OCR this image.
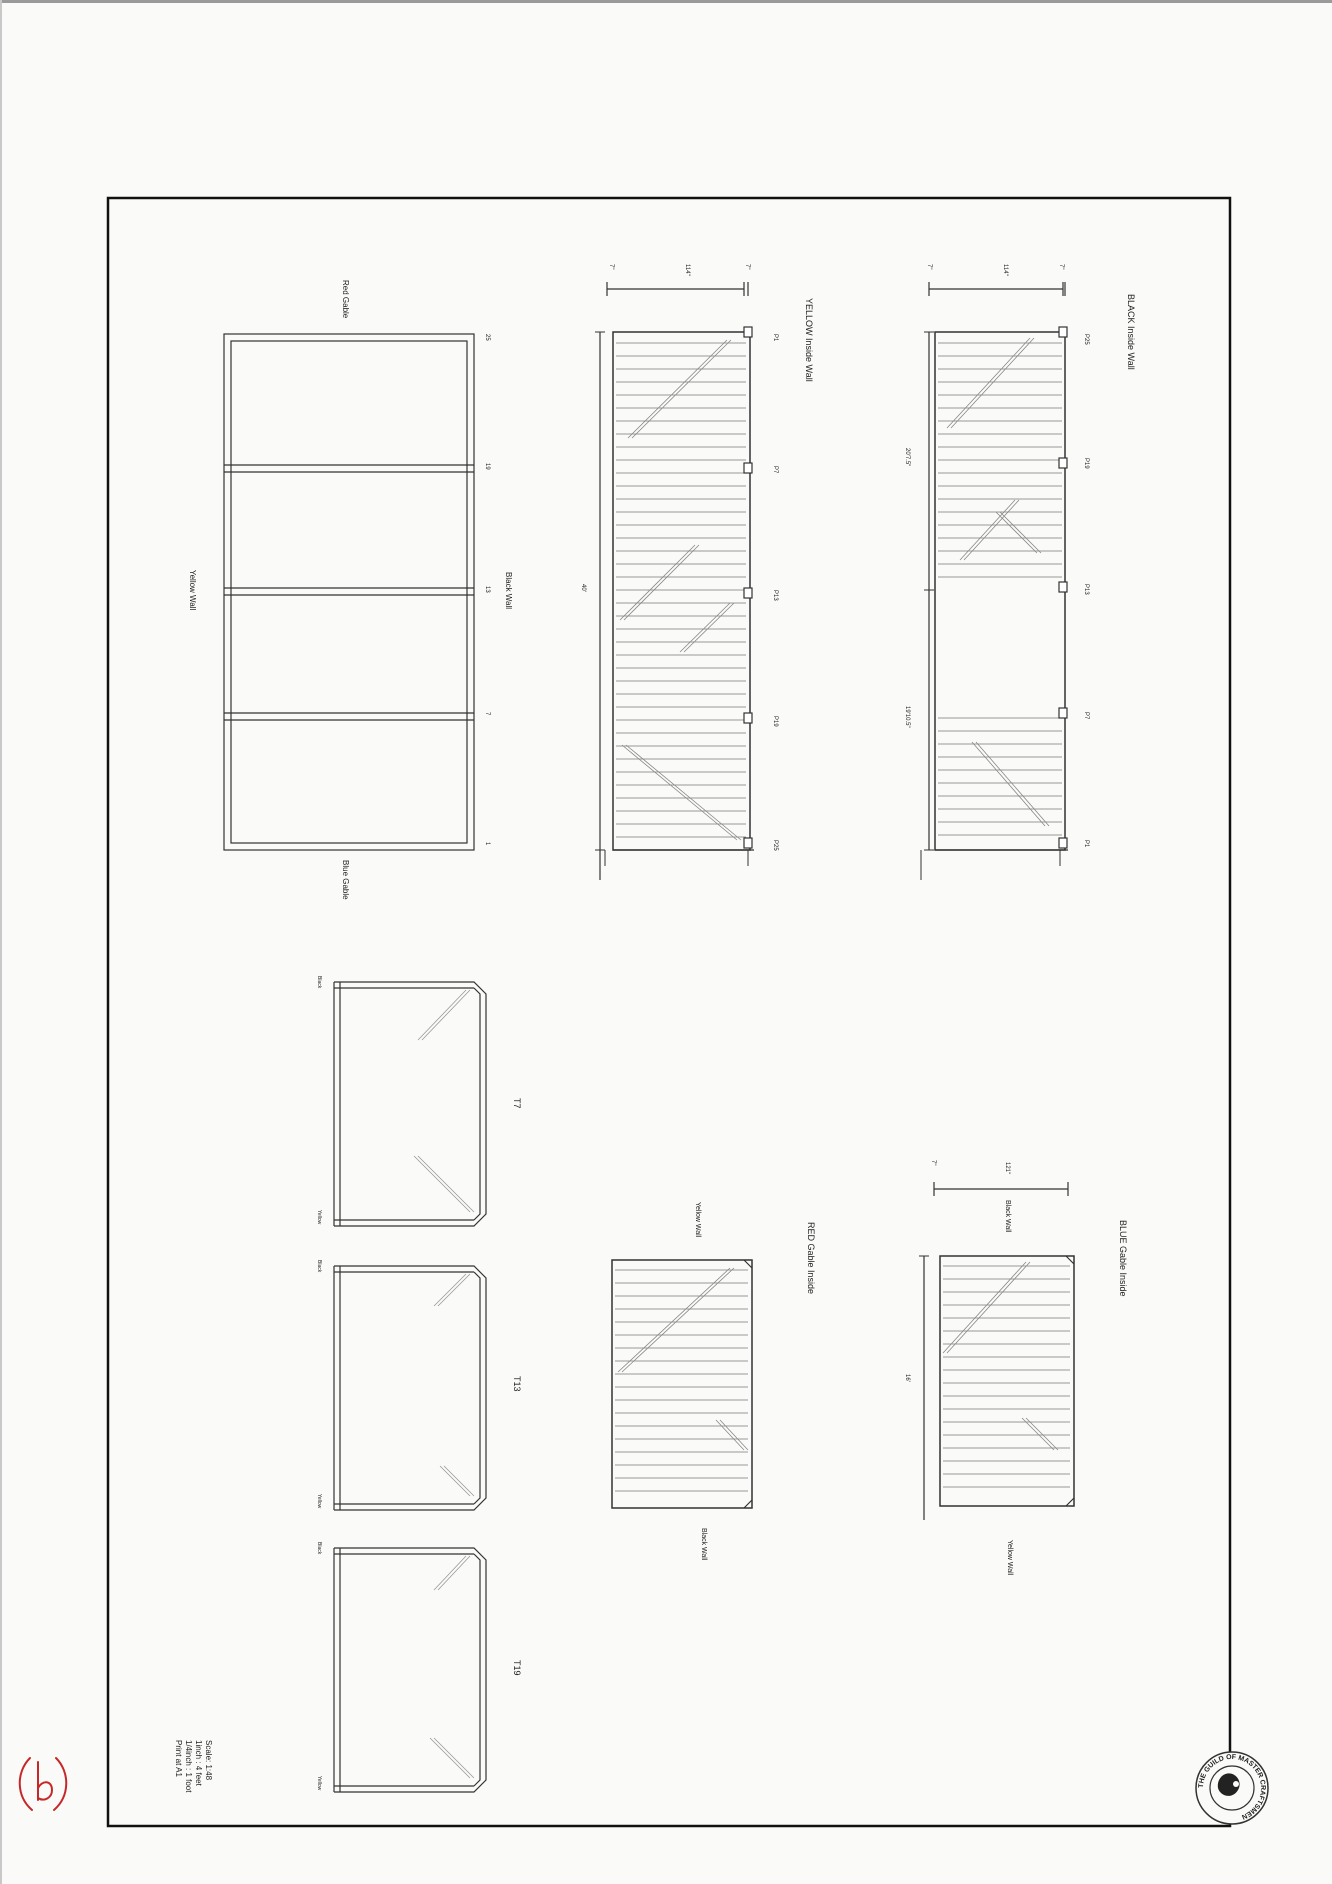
BLACK Inside Wall
P25
P19
P13
P7
P1
7"
114"
7"
20'7.5"
19'10.5"
YELLOW Inside Wall
P1
P7
P13
P19
P25
7"
114"
7"
40'
Red Gable
Yellow Wall	Black Wall
Blue Gable
25
19
13
7
1
BLUE Gable Inside
Black Wall
Yellow Wall
7"	121"
16'
RED Gable Inside
Yellow Wall
Black Wall
T7
Black
Yellow
T13
Black
Yellow
T19
Black
Yellow
Scale: 1:48
1inch : 4 feet
1/4inch : 1 foot
Print at A1
THE GUILD OF MASTER CRAFTSMEN
